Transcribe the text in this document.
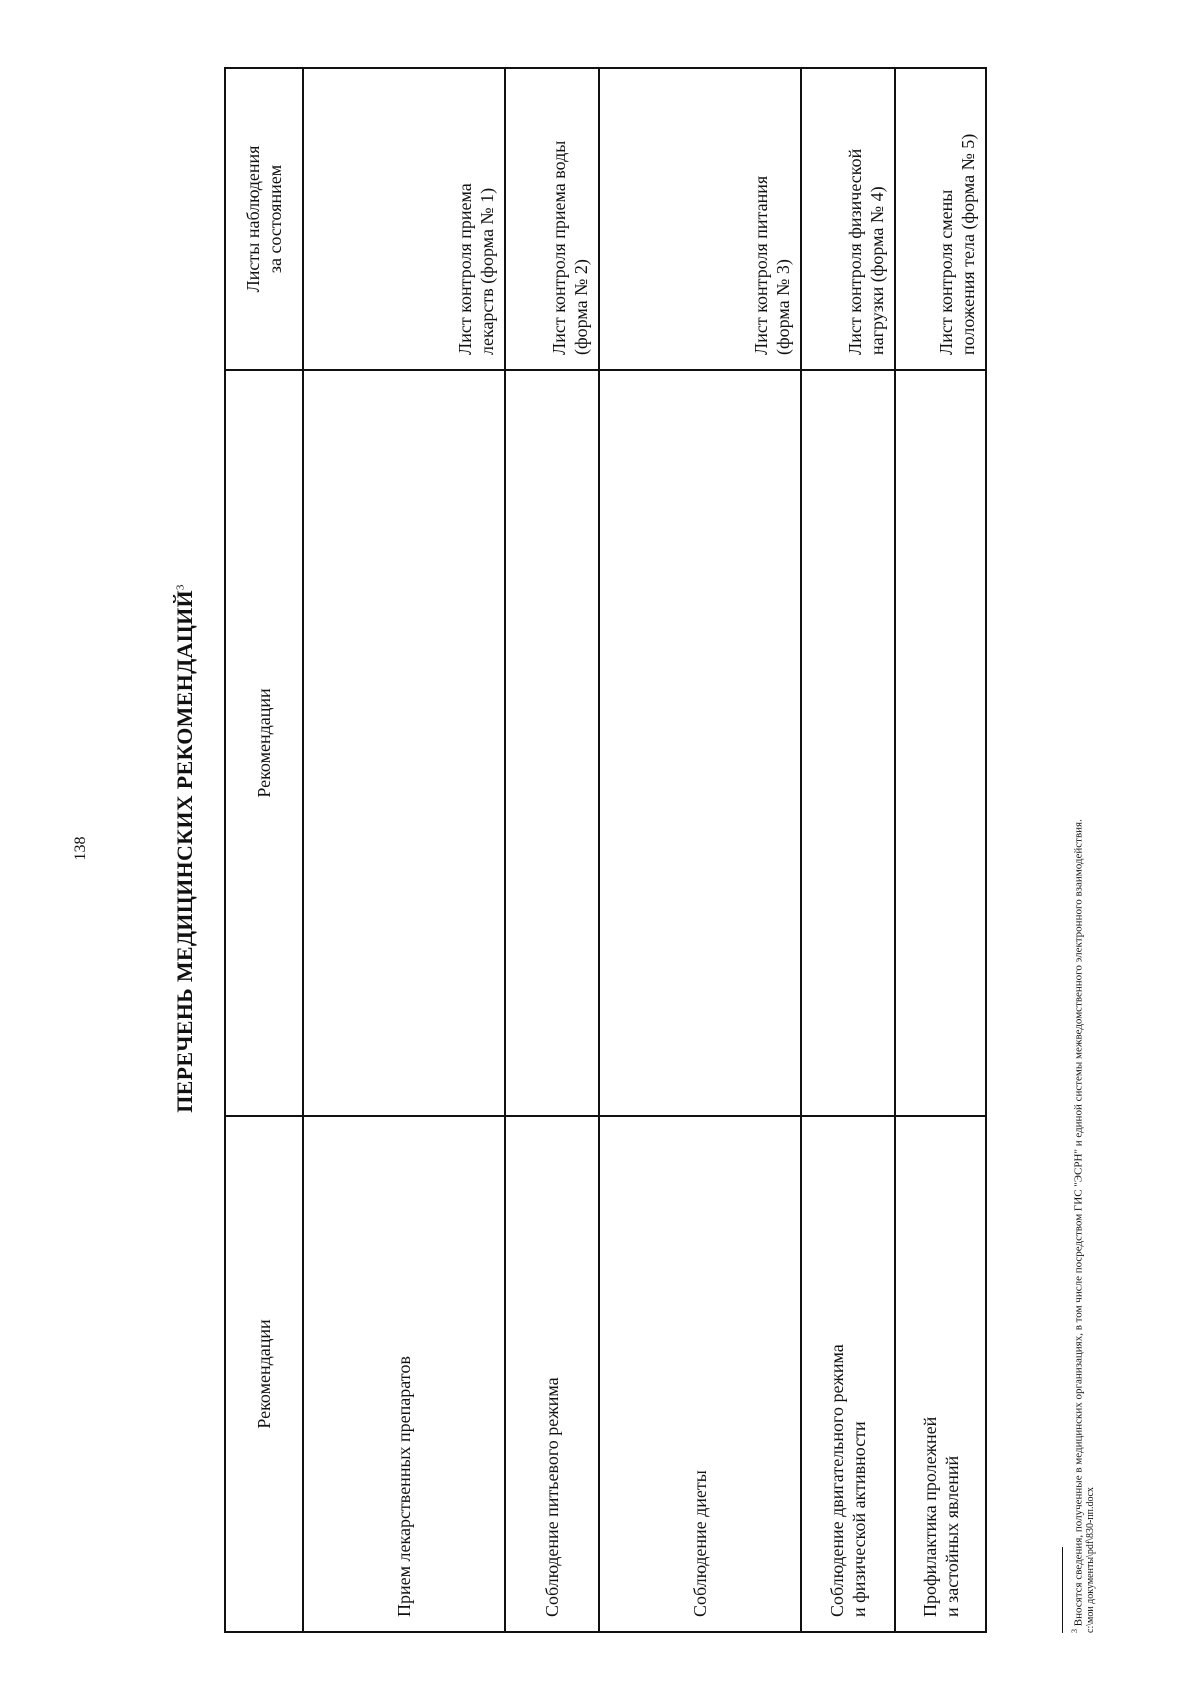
138	ПЕРЕЧЕНЬ МЕДИЦИНСКИХ РЕКОМЕНДАЦИЙ$^3$
Рекомендации	Рекомендации	Листы наблюдения
за состоянием
Прием лекарственных препаратов		Лист контроля приема
лекарств (форма № 1)
Соблюдение питьевого режима		Лист контроля приема воды
(форма № 2)
Соблюдение диеты		Лист контроля питания
(форма № 3)
Соблюдение двигательного режима
и физической активности		Лист контроля физической
нагрузки (форма № 4)
Профилактика пролежней
и застойных явлений		Лист контроля смены
положения тела (форма № 5)
$^3$ Вносятся сведения, полученные в медицинских организациях, в том числе посредством ГИС "ЭСРН" и единой системы межведомственного электронного взаимодействия. c:\мои документы\pdf\830-пп.docx
